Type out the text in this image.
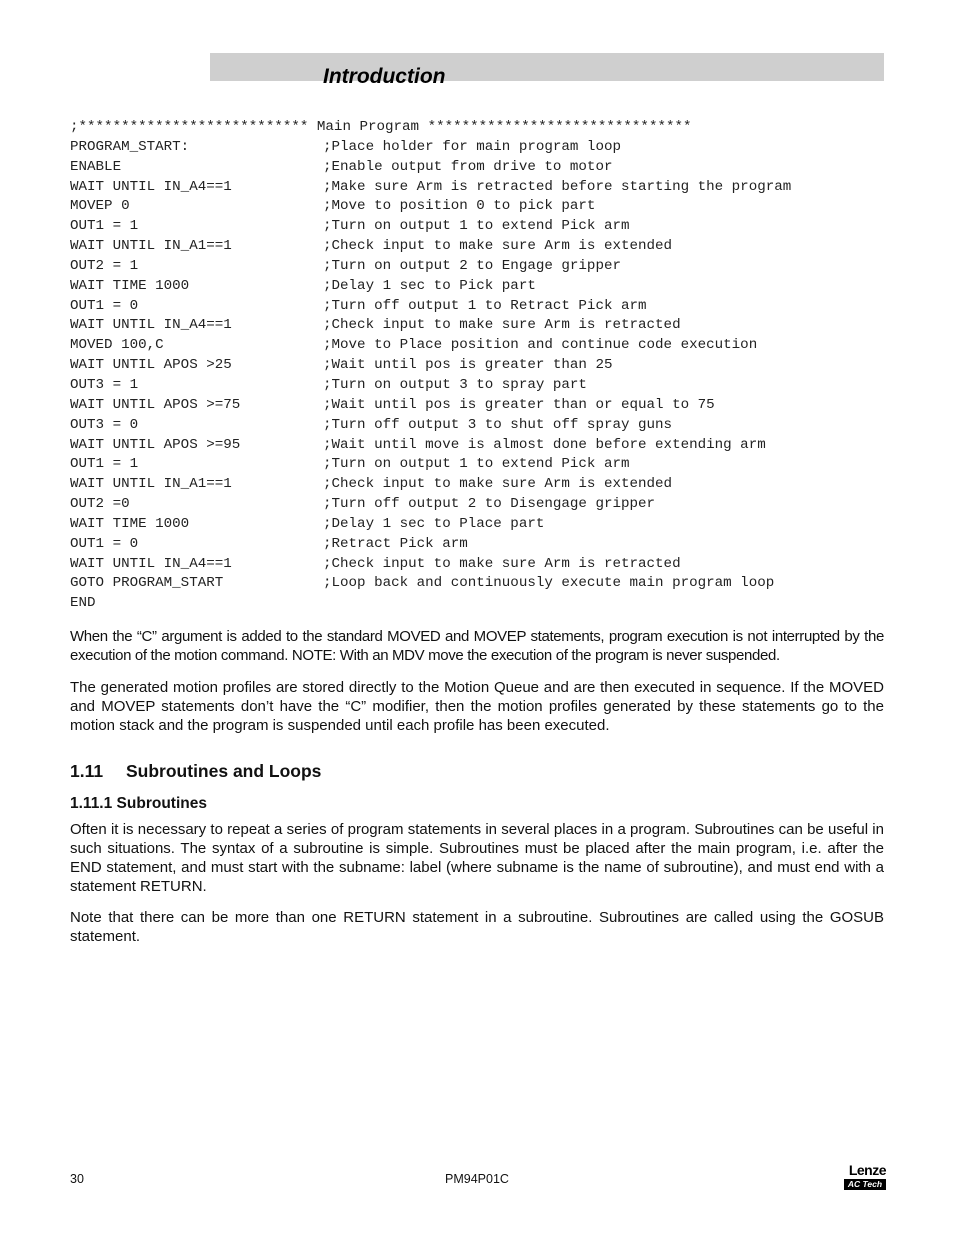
Introduction
;*************************** Main Program *******************************
PROGRAM_START:	;Place holder for main program loop
ENABLE	;Enable output from drive to motor
WAIT UNTIL IN_A4==1	;Make sure Arm is retracted before starting the program
MOVEP 0	;Move to position 0 to pick part
OUT1 = 1	;Turn on output 1 to extend Pick arm
WAIT UNTIL IN_A1==1	;Check input to make sure Arm is extended
OUT2 = 1	;Turn on output 2 to Engage gripper
WAIT TIME 1000	;Delay 1 sec to Pick part
OUT1 = 0	;Turn off output 1 to Retract Pick arm
WAIT UNTIL IN_A4==1	;Check input to make sure Arm is retracted
MOVED 100,C	;Move to Place position and continue code execution
WAIT UNTIL APOS >25	;Wait until pos is greater than 25
OUT3 = 1	;Turn on output 3 to spray part
WAIT UNTIL APOS >=75	;Wait until pos is greater than or equal to 75
OUT3 = 0	;Turn off output 3 to shut off spray guns
WAIT UNTIL APOS >=95	;Wait until move is almost done before extending arm
OUT1 = 1	;Turn on output 1 to extend Pick arm
WAIT UNTIL IN_A1==1	;Check input to make sure Arm is extended
OUT2 =0	;Turn off output 2 to Disengage gripper
WAIT TIME 1000	;Delay 1 sec to Place part
OUT1 = 0	;Retract Pick arm
WAIT UNTIL IN_A4==1	;Check input to make sure Arm is retracted
GOTO PROGRAM_START	;Loop back and continuously execute main program loop
END
When the “C” argument is added to the standard MOVED and MOVEP statements, program execution is not interrupted by the execution of the motion command. NOTE: With an MDV move the execution of the program is never suspended.
The generated motion profiles are stored directly to the Motion Queue and are then executed in sequence. If the MOVED and MOVEP statements don’t have the “C” modifier, then the motion profiles generated by these statements go to the motion stack and the program is suspended until each profile has been executed.
1.11 Subroutines and Loops
1.11.1 Subroutines
Often it is necessary to repeat a series of program statements in several places in a program. Subroutines can be useful in such situations. The syntax of a subroutine is simple. Subroutines must be placed after the main program, i.e. after the END statement, and must start with the subname: label (where subname is the name of subroutine), and must end with a statement RETURN.
Note that there can be more than one RETURN statement in a subroutine. Subroutines are called using the GOSUB statement.
30	PM94P01C
Lenze
AC Tech
